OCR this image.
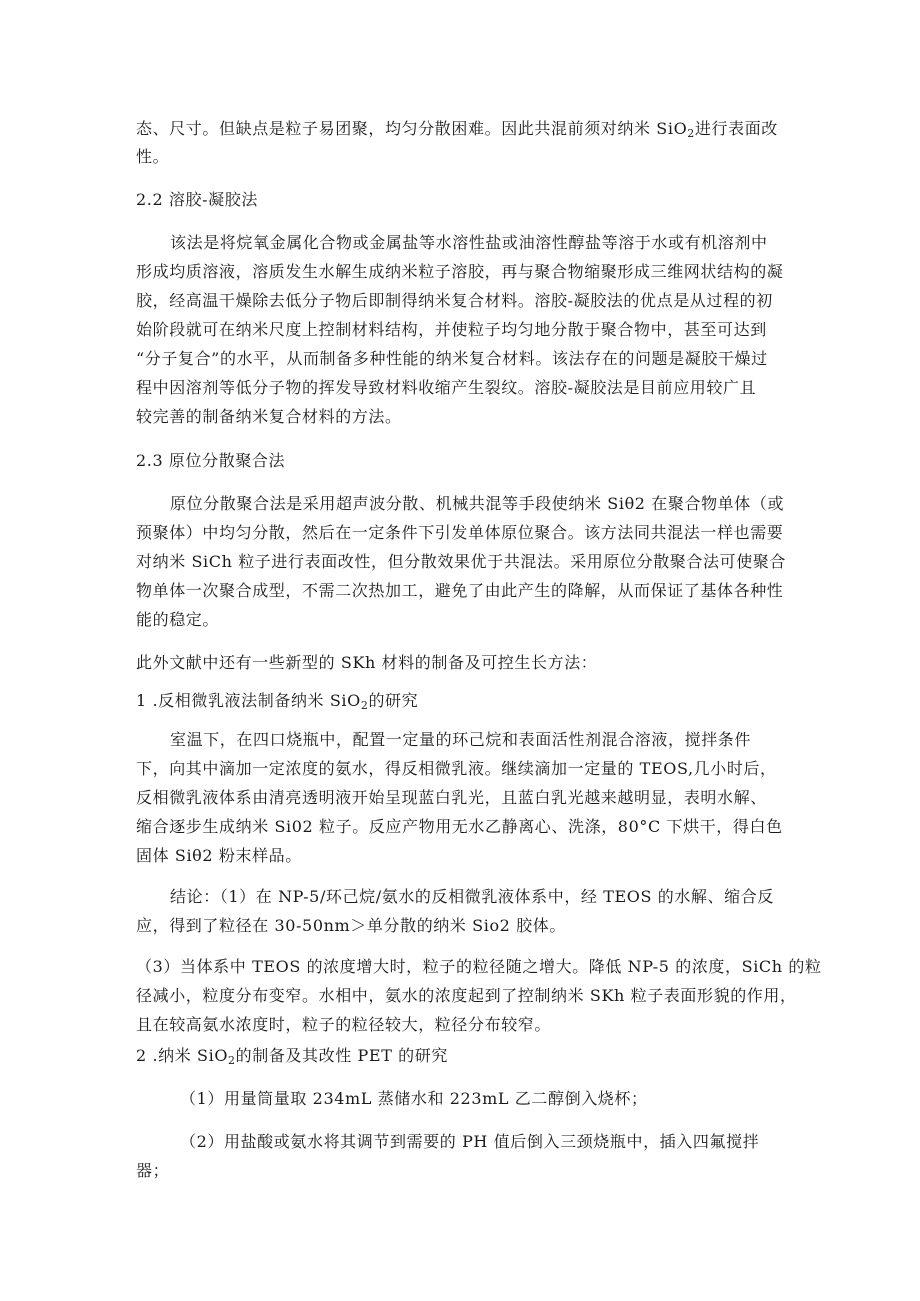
态、尺寸。但缺点是粒子易团聚，均匀分散困难。因此共混前须对纳米 SiO$_2$进行表面改
性。
2.2 溶胶-凝胶法
该法是将烷氧金属化合物或金属盐等水溶性盐或油溶性醇盐等溶于水或有机溶剂中
形成均质溶液，溶质发生水解生成纳米粒子溶胶，再与聚合物缩聚形成三维网状结构的凝
胶，经高温干燥除去低分子物后即制得纳米复合材料。溶胶-凝胶法的优点是从过程的初
始阶段就可在纳米尺度上控制材料结构，并使粒子均匀地分散于聚合物中，甚至可达到
“分子复合”的水平，从而制备多种性能的纳米复合材料。该法存在的问题是凝胶干燥过
程中因溶剂等低分子物的挥发导致材料收缩产生裂纹。溶胶-凝胶法是目前应用较广且
较完善的制备纳米复合材料的方法。
2.3 原位分散聚合法
原位分散聚合法是采用超声波分散、机械共混等手段使纳米 Siθ2 在聚合物单体（或
预聚体）中均匀分散，然后在一定条件下引发单体原位聚合。该方法同共混法一样也需要
对纳米 SiCh 粒子进行表面改性，但分散效果优于共混法。采用原位分散聚合法可使聚合
物单体一次聚合成型，不需二次热加工，避免了由此产生的降解，从而保证了基体各种性
能的稳定。
此外文献中还有一些新型的 SKh 材料的制备及可控生长方法：
1 .反相微乳液法制备纳米 SiO$_2$的研究
室温下，在四口烧瓶中，配置一定量的环己烷和表面活性剂混合溶液，搅拌条件
下，向其中滴加一定浓度的氨水，得反相微乳液。继续滴加一定量的 TEOS,几小时后，
反相微乳液体系由清亮透明液开始呈现蓝白乳光，且蓝白乳光越来越明显，表明水解、
缩合逐步生成纳米 Si02 粒子。反应产物用无水乙静离心、洗涤，80°C 下烘干，得白色
固体 Siθ2 粉末样品。
结论：（1）在 NP-5/环己烷/氨水的反相微乳液体系中，经 TEOS 的水解、缩合反
应，得到了粒径在 30-50nm＞单分散的纳米 Sio2 胶体。
（3）当体系中 TEOS 的浓度增大时，粒子的粒径随之增大。降低 NP-5 的浓度，SiCh 的粒
径减小，粒度分布变窄。水相中，氨水的浓度起到了控制纳米 SKh 粒子表面形貌的作用，
且在较高氨水浓度时，粒子的粒径较大，粒径分布较窄。
2 .纳米 SiO$_2$的制备及其改性 PET 的研究
（1）用量筒量取 234mL 蒸储水和 223mL 乙二醇倒入烧杯；
（2）用盐酸或氨水将其调节到需要的 PH 值后倒入三颈烧瓶中，插入四氟搅拌
器；
